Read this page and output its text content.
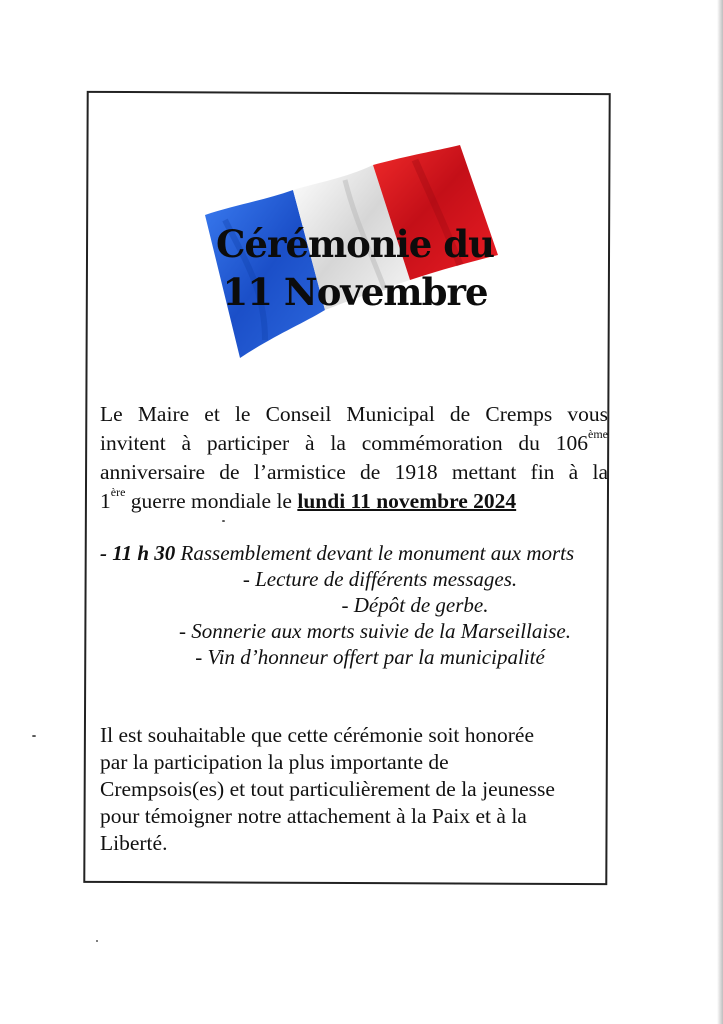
Cérémonie du
11 Novembre
Le Maire et le Conseil Municipal de Cremps vous
invitent à participer à la commémoration du 106ème
anniversaire de l’armistice de 1918 mettant fin à la
1ère guerre mondiale le lundi 11 novembre 2024
- 11 h 30 Rassemblement devant le monument aux morts
- Lecture de différents messages.
- Dépôt de gerbe.
- Sonnerie aux morts suivie de la Marseillaise.
- Vin d’honneur offert par la municipalité
Il est souhaitable que cette cérémonie soit honorée
par la participation la plus importante de
Crempsois(es) et tout particulièrement de la jeunesse
pour témoigner notre attachement à la Paix et à la
Liberté.
